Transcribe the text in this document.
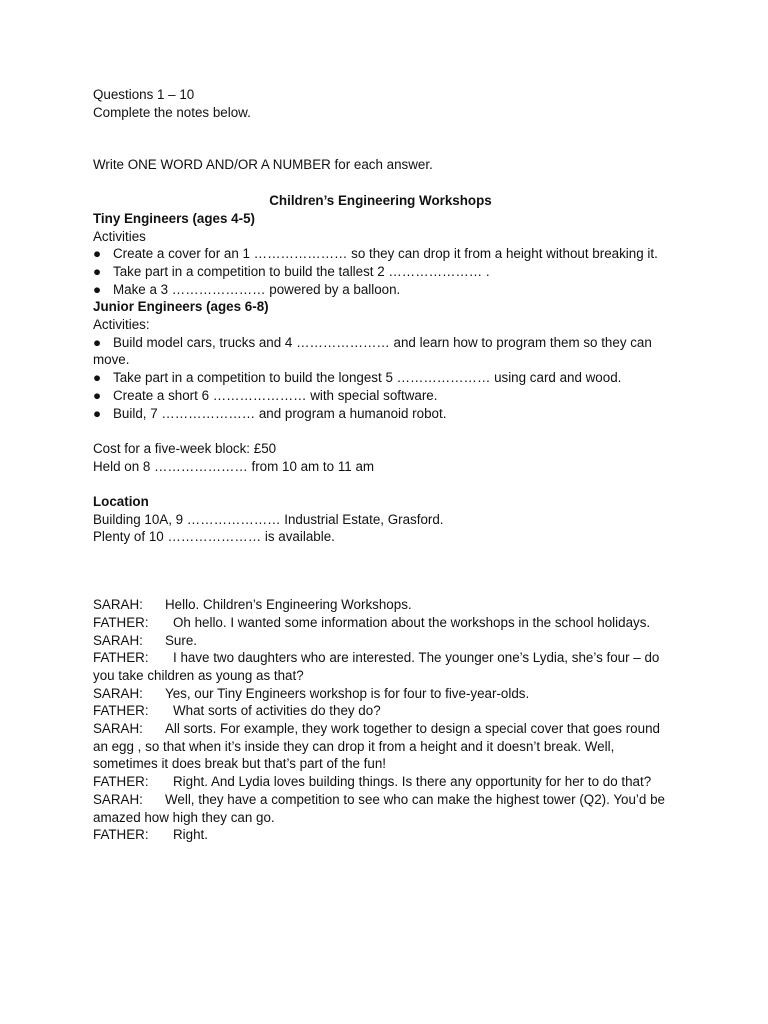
Questions 1 – 10
Complete the notes below.
Write ONE WORD AND/OR A NUMBER for each answer.
Children’s Engineering Workshops
Tiny Engineers (ages 4-5)
Activities
● Create a cover for an 1 ………………… so they can drop it from a height without breaking it.
● Take part in a competition to build the tallest 2 ………………… .
● Make a 3 ………………… powered by a balloon.
Junior Engineers (ages 6-8)
Activities:
● Build model cars, trucks and 4 ………………… and learn how to program them so they can move.
● Take part in a competition to build the longest 5 ………………… using card and wood.
● Create a short 6 ………………… with special software.
● Build, 7 ………………… and program a humanoid robot.
Cost for a five-week block: £50
Held on 8 ………………… from 10 am to 11 am
Location
Building 10A, 9 ………………… Industrial Estate, Grasford.
Plenty of 10 ………………… is available.
SARAH: Hello. Children’s Engineering Workshops.
FATHER: Oh hello. I wanted some information about the workshops in the school holidays.
SARAH: Sure.
FATHER: I have two daughters who are interested. The younger one’s Lydia, she’s four – do you take children as young as that?
SARAH: Yes, our Tiny Engineers workshop is for four to five-year-olds.
FATHER: What sorts of activities do they do?
SARAH: All sorts. For example, they work together to design a special cover that goes round an egg , so that when it’s inside they can drop it from a height and it doesn’t break. Well, sometimes it does break but that’s part of the fun!
FATHER: Right. And Lydia loves building things. Is there any opportunity for her to do that?
SARAH: Well, they have a competition to see who can make the highest tower (Q2). You’d be amazed how high they can go.
FATHER: Right.
